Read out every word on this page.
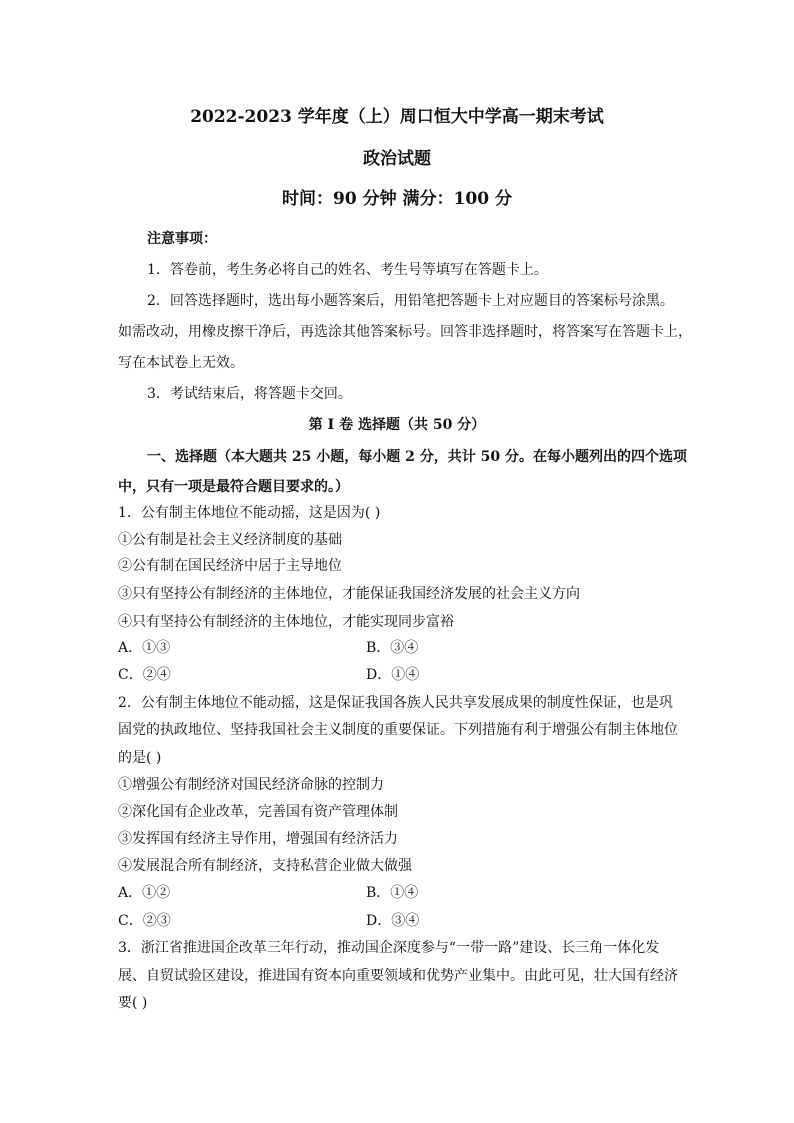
2022-2023 学年度（上）周口恒大中学高一期末考试
政治试题
时间：90 分钟 满分：100 分
注意事项：
1．答卷前，考生务必将自己的姓名、考生号等填写在答题卡上。
2．回答选择题时，选出每小题答案后，用铅笔把答题卡上对应题目的答案标号涂黑。
如需改动，用橡皮擦干净后，再选涂其他答案标号。回答非选择题时，将答案写在答题卡上，
写在本试卷上无效。
3．考试结束后，将答题卡交回。
第 I 卷 选择题（共 50 分）
一、选择题（本大题共 25 小题，每小题 2 分，共计 50 分。在每小题列出的四个选项
中，只有一项是最符合题目要求的。）
1．公有制主体地位不能动摇，这是因为( )
①公有制是社会主义经济制度的基础
②公有制在国民经济中居于主导地位
③只有坚持公有制经济的主体地位，才能保证我国经济发展的社会主义方向
④只有坚持公有制经济的主体地位，才能实现同步富裕
A．①③	B．③④
C．②④	D．①④
2．公有制主体地位不能动摇，这是保证我国各族人民共享发展成果的制度性保证，也是巩
固党的执政地位、坚持我国社会主义制度的重要保证。下列措施有利于增强公有制主体地位
的是( )
①增强公有制经济对国民经济命脉的控制力
②深化国有企业改革，完善国有资产管理体制
③发挥国有经济主导作用，增强国有经济活力
④发展混合所有制经济，支持私营企业做大做强
A．①②	B．①④
C．②③	D．③④
3．浙江省推进国企改革三年行动，推动国企深度参与“一带一路”建设、长三角一体化发
展、自贸试验区建设，推进国有资本向重要领域和优势产业集中。由此可见，壮大国有经济
要( )
